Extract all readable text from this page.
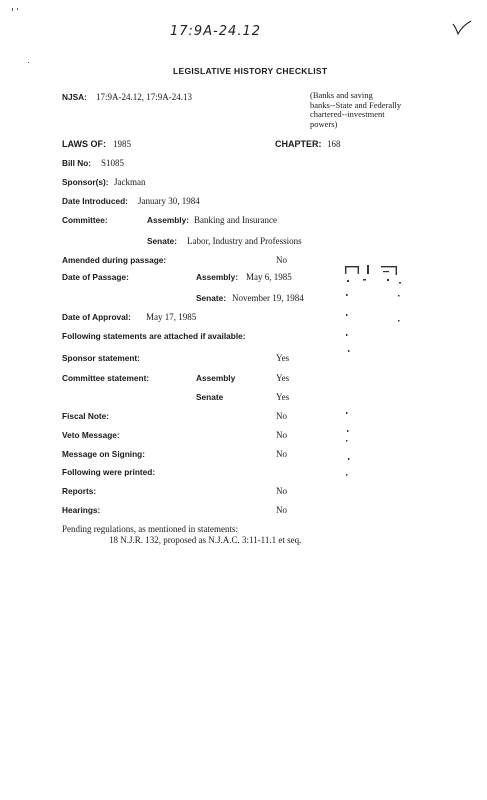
17:9A-24.12
LEGISLATIVE HISTORY CHECKLIST
NJSA: 17:9A-24.12, 17:9A-24.13	(Banks and saving
banks--State and Federally
chartered--investment
powers)
LAWS OF: 1985	CHAPTER: 168
Bill No: S1085
Sponsor(s): Jackman
Date Introduced: January 30, 1984
Committee:	Assembly: Banking and Insurance
Senate: Labor, Industry and Professions
Amended during passage:	No
Date of Passage:	Assembly: May 6, 1985
Senate: November 19, 1984
Date of Approval: May 17, 1985
Following statements are attached if available:
Sponsor statement:	Yes
Committee statement:	Assembly	Yes
Senate	Yes
Fiscal Note:	No
Veto Message:	No
Message on Signing:	No
Following were printed:
Reports:	No
Hearings:	No
Pending regulations, as mentioned in statements:
18 N.J.R. 132, proposed as N.J.A.C. 3:11-11.1 et seq.
